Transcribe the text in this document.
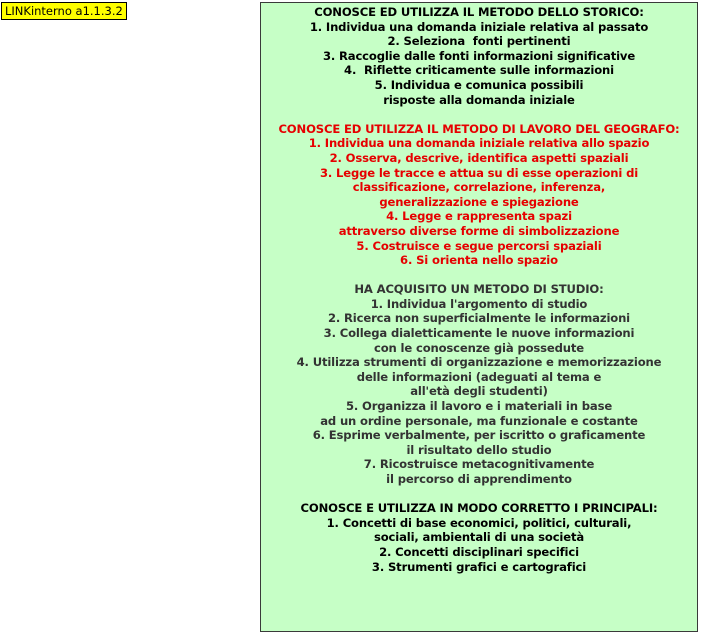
LINKinterno a1.1.3.2	CONOSCE ED UTILIZZA IL METODO DELLO STORICO:
1. Individua una domanda iniziale relativa al passato
2. Seleziona  fonti pertinenti
3. Raccoglie dalle fonti informazioni significative
4.  Riflette criticamente sulle informazioni
5. Individua e comunica possibili
risposte alla domanda iniziale
CONOSCE ED UTILIZZA IL METODO DI LAVORO DEL GEOGRAFO:
1. Individua una domanda iniziale relativa allo spazio
2. Osserva, descrive, identifica aspetti spaziali
3. Legge le tracce e attua su di esse operazioni di
classificazione, correlazione, inferenza,
generalizzazione e spiegazione
4. Legge e rappresenta spazi
attraverso diverse forme di simbolizzazione
5. Costruisce e segue percorsi spaziali
6. Si orienta nello spazio
HA ACQUISITO UN METODO DI STUDIO:
1. Individua l'argomento di studio
2. Ricerca non superficialmente le informazioni
3. Collega dialetticamente le nuove informazioni
con le conoscenze già possedute
4. Utilizza strumenti di organizzazione e memorizzazione
delle informazioni (adeguati al tema e
all'età degli studenti)
5. Organizza il lavoro e i materiali in base
ad un ordine personale, ma funzionale e costante
6. Esprime verbalmente, per iscritto o graficamente
il risultato dello studio
7. Ricostruisce metacognitivamente
il percorso di apprendimento
CONOSCE E UTILIZZA IN MODO CORRETTO I PRINCIPALI:
1. Concetti di base economici, politici, culturali,
sociali, ambientali di una società
2. Concetti disciplinari specifici
3. Strumenti grafici e cartografici
